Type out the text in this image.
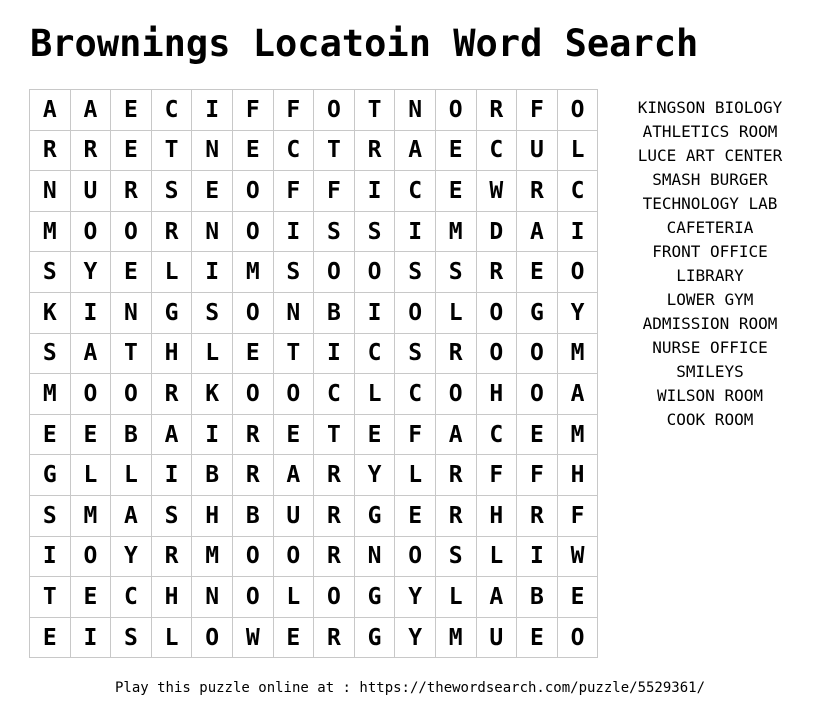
Brownings Locatoin Word Search
A	A	E	C	I	F	F	O	T	N	O	R	F	O
R	R	E	T	N	E	C	T	R	A	E	C	U	L
N	U	R	S	E	O	F	F	I	C	E	W	R	C
M	O	O	R	N	O	I	S	S	I	M	D	A	I
S	Y	E	L	I	M	S	O	O	S	S	R	E	O
K	I	N	G	S	O	N	B	I	O	L	O	G	Y
S	A	T	H	L	E	T	I	C	S	R	O	O	M
M	O	O	R	K	O	O	C	L	C	O	H	O	A
E	E	B	A	I	R	E	T	E	F	A	C	E	M
G	L	L	I	B	R	A	R	Y	L	R	F	F	H
S	M	A	S	H	B	U	R	G	E	R	H	R	F
I	O	Y	R	M	O	O	R	N	O	S	L	I	W
T	E	C	H	N	O	L	O	G	Y	L	A	B	E
E	I	S	L	O	W	E	R	G	Y	M	U	E	O
KINGSON BIOLOGY
ATHLETICS ROOM
LUCE ART CENTER
SMASH BURGER
TECHNOLOGY LAB
CAFETERIA
FRONT OFFICE
LIBRARY
LOWER GYM
ADMISSION ROOM
NURSE OFFICE
SMILEYS
WILSON ROOM
COOK ROOM
Play this puzzle online at : https://thewordsearch.com/puzzle/5529361/
